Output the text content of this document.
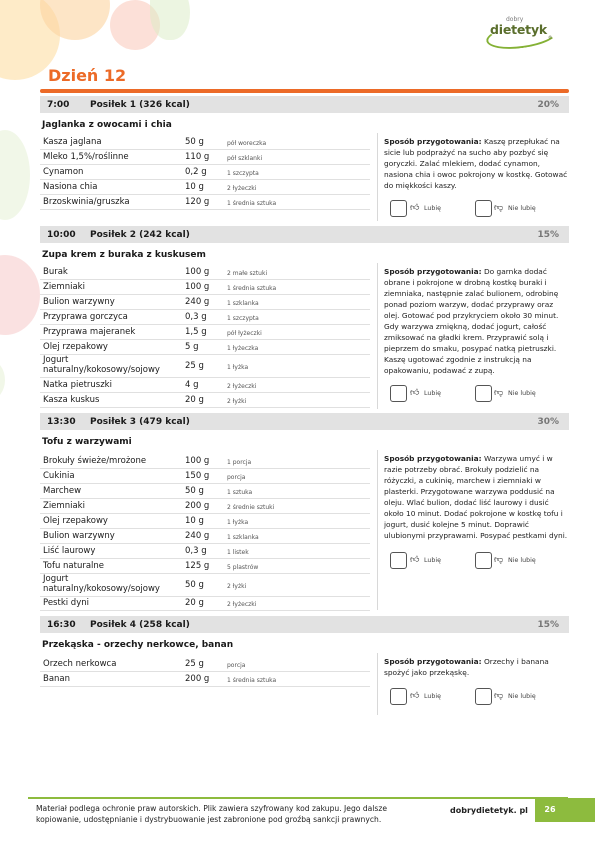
dobry
dietetyk
®
Dzień 12
7:00 Posiłek 1 (326 kcal)	20%
Jaglanka z owocami i chia
Kasza jaglana	50 g	pół woreczka
Mleko 1,5%/roślinne	110 g	pół szklanki
Cynamon	0,2 g	1 szczypta
Nasiona chia	10 g	2 łyżeczki
Brzoskwinia/gruszka	120 g	1 średnia sztuka
Sposób przygotowania: Kaszę przepłukać na sicie lub podprażyć na sucho aby pozbyć się goryczki. Zalać mlekiem, dodać cynamon, nasiona chia i owoc pokrojony w kostkę. Gotować do miękkości kaszy.
👍︎ Lubię	👎︎ Nie lubię
10:00 Posiłek 2 (242 kcal)	15%
Zupa krem z buraka z kuskusem
Burak	100 g	2 małe sztuki
Ziemniaki	100 g	1 średnia sztuka
Bulion warzywny	240 g	1 szklanka
Przyprawa gorczyca	0,3 g	1 szczypta
Przyprawa majeranek	1,5 g	pół łyżeczki
Olej rzepakowy	5 g	1 łyżeczka
Jogurt naturalny/kokosowy/sojowy	25 g	1 łyżka
Natka pietruszki	4 g	2 łyżeczki
Kasza kuskus	20 g	2 łyżki
Sposób przygotowania: Do garnka dodać obrane i pokrojone w drobną kostkę buraki i ziemniaka, następnie zalać bulionem, odrobinę ponad poziom warzyw, dodać przyprawy oraz olej. Gotować pod przykryciem około 30 minut. Gdy warzywa zmiękną, dodać jogurt, całość zmiksować na gładki krem. Przyprawić solą i pieprzem do smaku, posypać natką pietruszki. Kaszę ugotować zgodnie z instrukcją na opakowaniu, podawać z zupą.
👍︎ Lubię	👎︎ Nie lubię
13:30 Posiłek 3 (479 kcal)	30%
Tofu z warzywami
Brokuły świeże/mrożone	100 g	1 porcja
Cukinia	150 g	porcja
Marchew	50 g	1 sztuka
Ziemniaki	200 g	2 średnie sztuki
Olej rzepakowy	10 g	1 łyżka
Bulion warzywny	240 g	1 szklanka
Liść laurowy	0,3 g	1 listek
Tofu naturalne	125 g	5 plastrów
Jogurt naturalny/kokosowy/sojowy	50 g	2 łyżki
Pestki dyni	20 g	2 łyżeczki
Sposób przygotowania: Warzywa umyć i w razie potrzeby obrać. Brokuły podzielić na różyczki, a cukinię, marchew i ziemniaki w plasterki. Przygotowane warzywa poddusić na oleju. Wlać bulion, dodać liść laurowy i dusić około 10 minut. Dodać pokrojone w kostkę tofu i jogurt, dusić kolejne 5 minut. Doprawić ulubionymi przyprawami. Posypać pestkami dyni.
👍︎ Lubię	👎︎ Nie lubię
16:30 Posiłek 4 (258 kcal)	15%
Przekąska - orzechy nerkowce, banan
Orzech nerkowca	25 g	porcja
Banan	200 g	1 średnia sztuka
Sposób przygotowania: Orzechy i banana spożyć jako przekąskę.
👍︎ Lubię	👎︎ Nie lubię
Materiał podlega ochronie praw autorskich. Plik zawiera szyfrowany kod zakupu. Jego dalsze kopiowanie, udostępnianie i dystrybuowanie jest zabronione pod groźbą sankcji prawnych.
dobrydietetyk. pl	26
